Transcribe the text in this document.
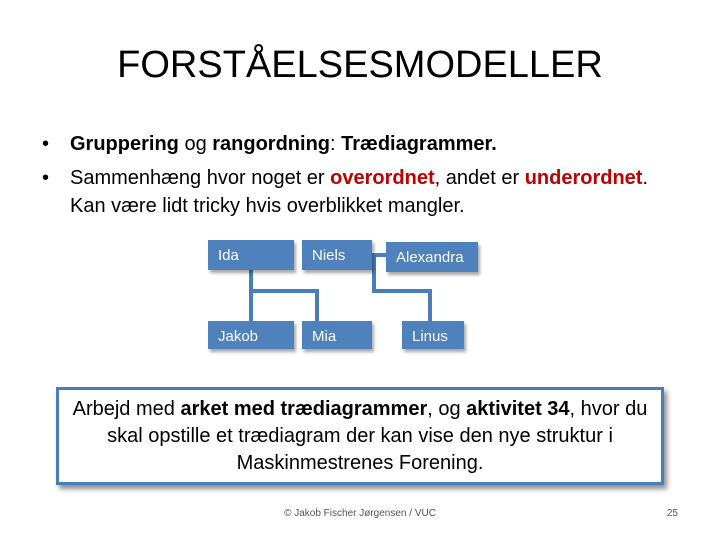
FORSTÅELSESMODELLER
• Gruppering og rangordning: Trædiagrammer.
• Sammenhæng hvor noget er overordnet, andet er underordnet. Kan være lidt tricky hvis overblikket mangler.
Ida	Niels	Alexandra
Jakob	Mia	Linus
Arbejd med arket med trædiagrammer, og aktivitet 34, hvor du skal opstille et trædiagram der kan vise den nye struktur i Maskinmestrenes Forening.
© Jakob Fischer Jørgensen / VUC	25
